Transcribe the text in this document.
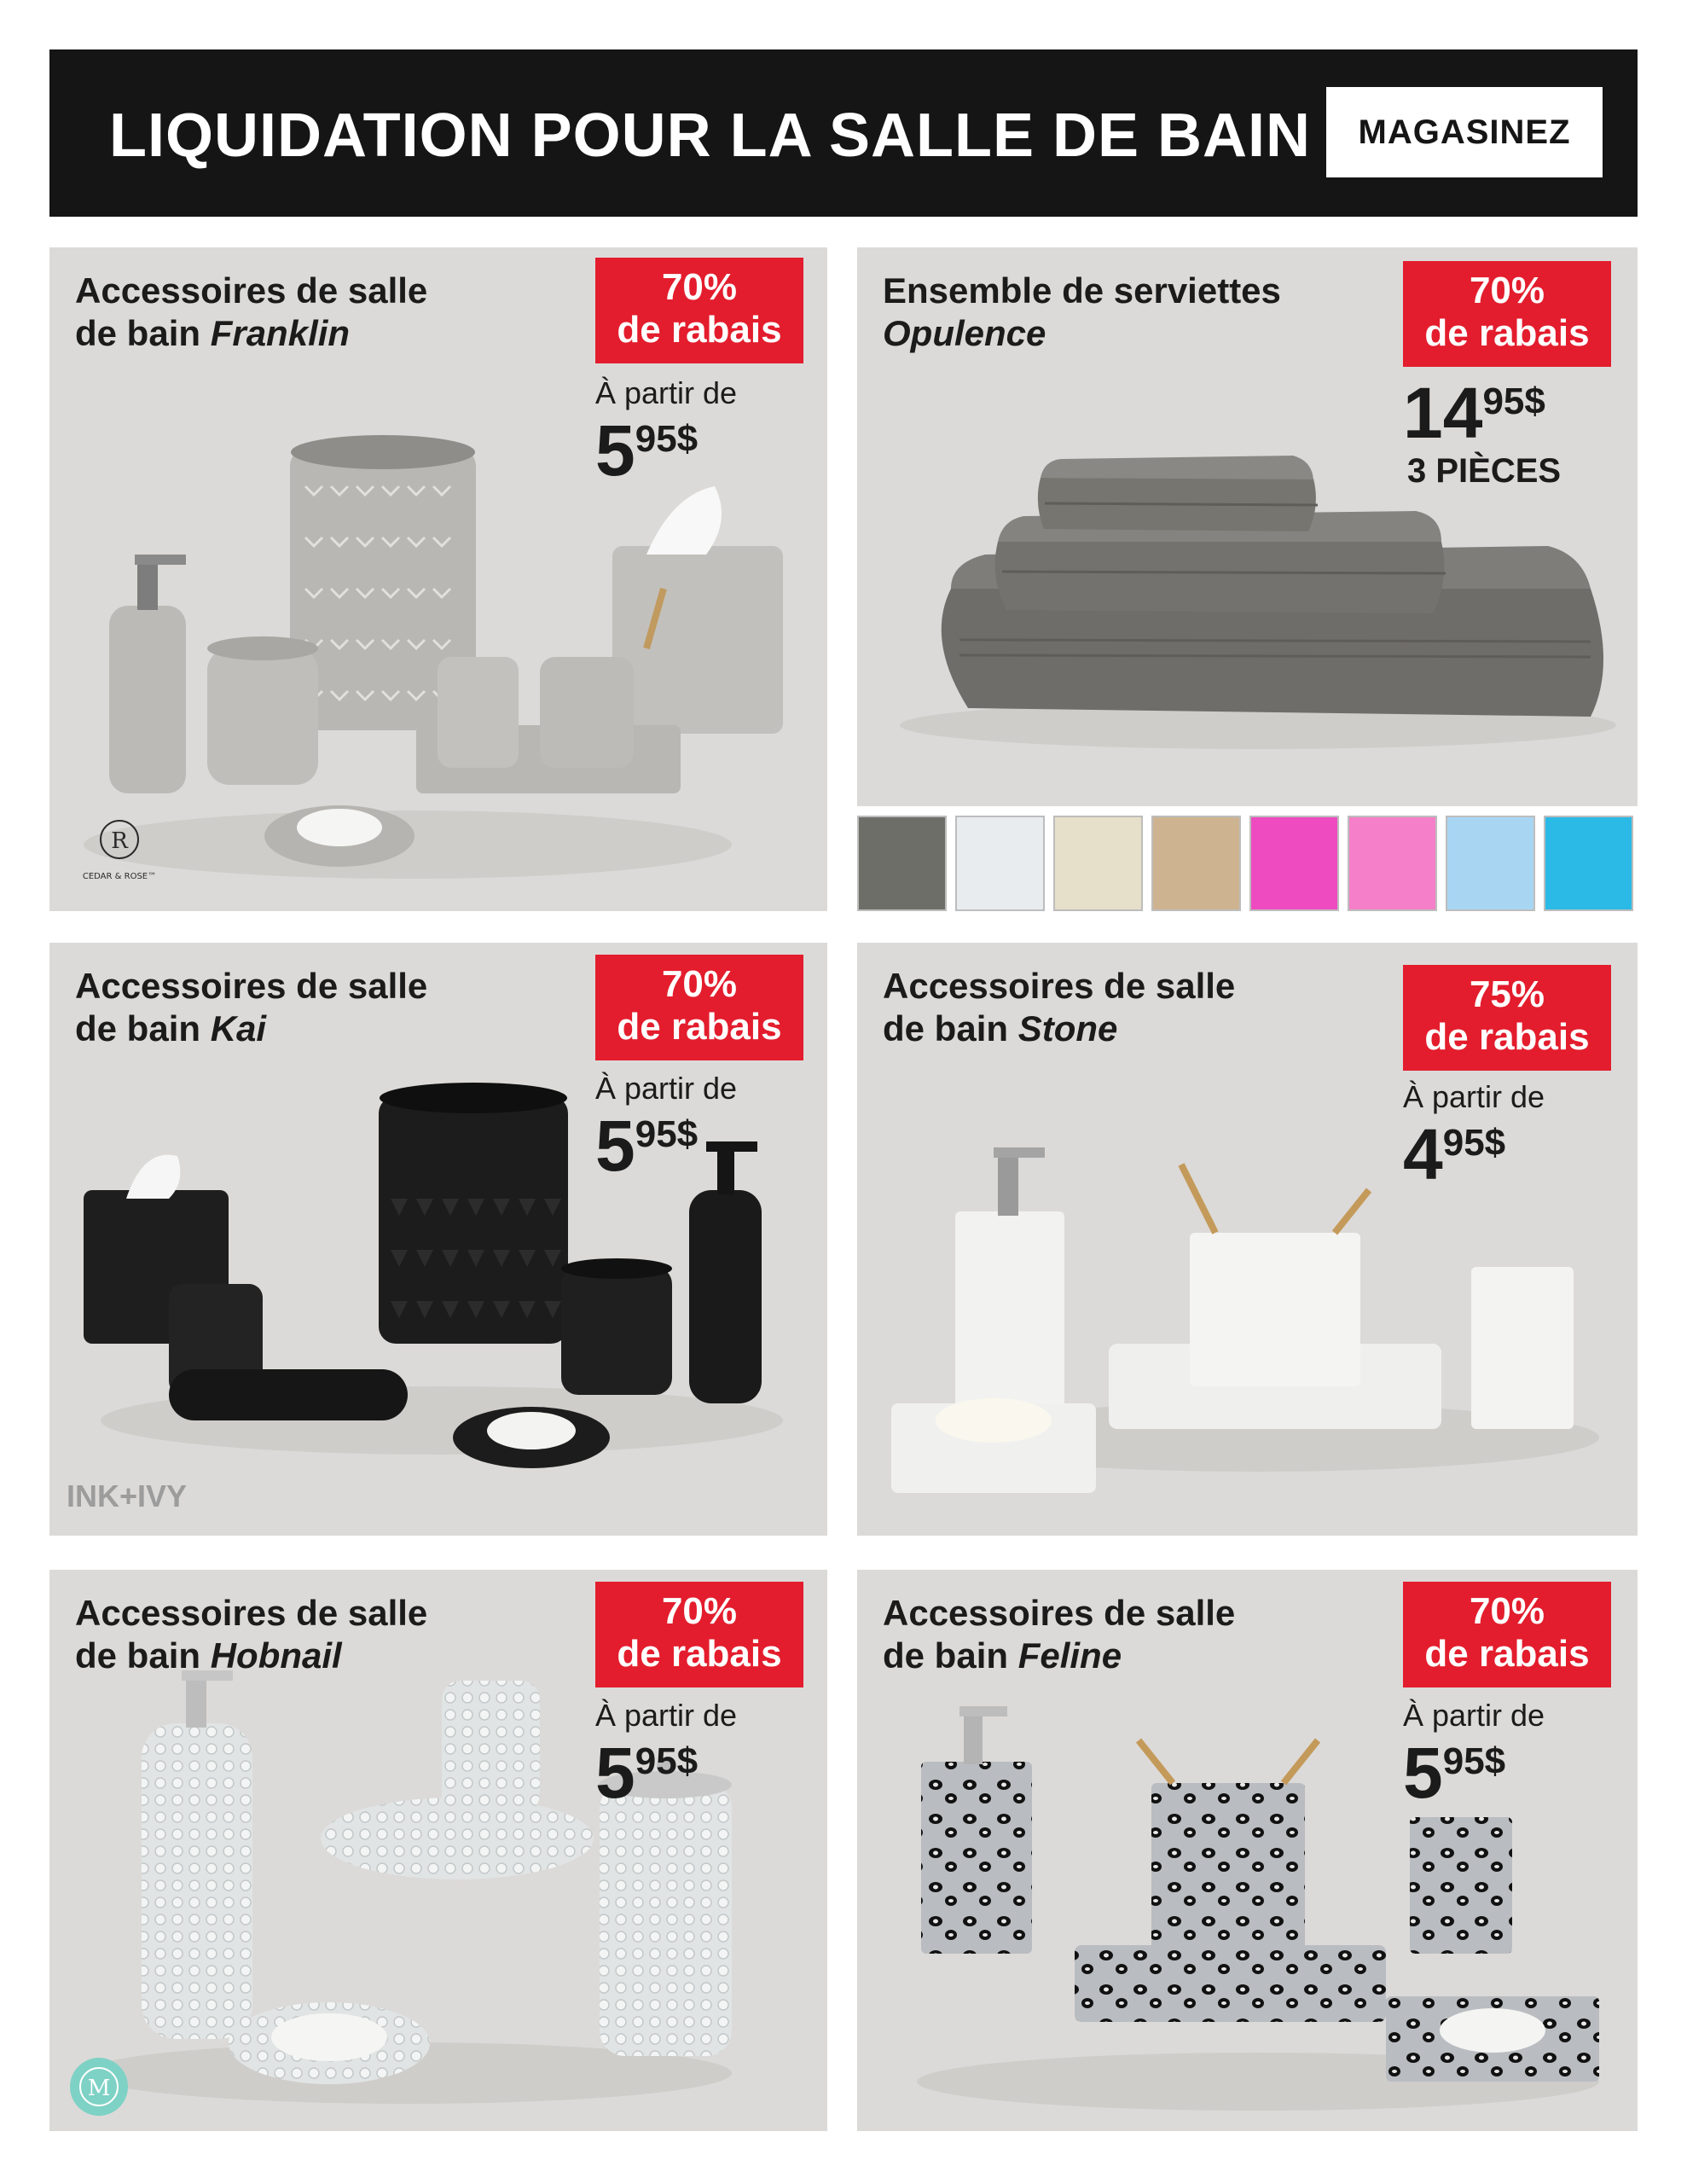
LIQUIDATION POUR LA SALLE DE BAIN	MAGASINEZ
Accessoires de salle
de bain Franklin
70%
de rabais
À partir de
595$
R
CEDAR & ROSE™
Ensemble de serviettes
Opulence
70%
de rabais
1495$
3 PIÈCES
Accessoires de salle
de bain Kai
70%
de rabais
À partir de
595$
INK+IVY
Accessoires de salle
de bain Stone
75%
de rabais
À partir de
495$
Accessoires de salle
de bain Hobnail
70%
de rabais
À partir de
595$
M
Accessoires de salle
de bain Feline
70%
de rabais
À partir de
595$
